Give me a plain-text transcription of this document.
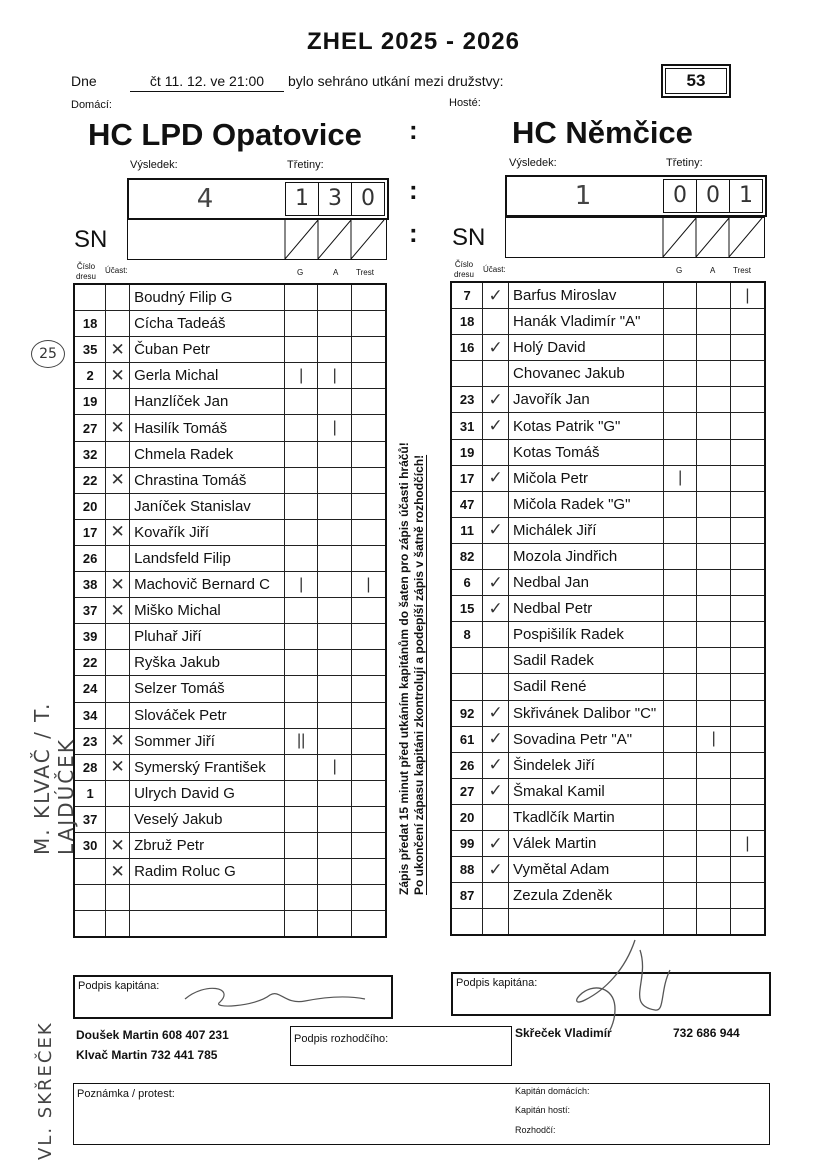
ZHEL 2025 - 2026
Dne	čt 11. 12. ve 21:00	bylo sehráno utkání mezi družstvy:	53
Domácí:	Hosté:
HC LPD Opatovice	HC Němčice
:
:
:
Výsledek:	Třetiny:
4	1 3 0
Výsledek:	Třetiny:
1	0 0 1
SN	SN
Číslo dresu
Účast:	G	A Trest
Číslo dresu
Účast:	G	A Trest
		Boudný Filip G			
18		Cícha Tadeáš			
35	✕	Čuban Petr			
2	✕	Gerla Michal	|	|	
19		Hanzlíček Jan			
27	✕	Hasilík Tomáš		|	
32		Chmela Radek			
22	✕	Chrastina Tomáš			
20		Janíček Stanislav			
17	✕	Kovařík Jiří			
26		Landsfeld Filip			
38	✕	Machovič Bernard C	|		|
37	✕	Miško Michal			
39		Pluhař Jiří			
22		Ryška Jakub			
24		Selzer Tomáš			
34		Slováček Petr			
23	✕	Sommer Jiří	||		
28	✕	Symerský František		|	
1		Ulrych David G			
37		Veselý Jakub			
30	✕	Zbruž Petr			
	✕	Radim Roluc G			

7	✓	Barfus Miroslav			|
18		Hanák Vladimír "A"			
16	✓	Holý David			
		Chovanec Jakub			
23	✓	Javořík Jan			
31	✓	Kotas Patrik "G"			
19		Kotas Tomáš			
17	✓	Mičola Petr	|		
47		Mičola Radek "G"			
11	✓	Michálek Jiří			
82		Mozola Jindřich			
6	✓	Nedbal Jan			
15	✓	Nedbal Petr			
8		Pospišilík Radek			
		Sadil Radek			
		Sadil René			
92	✓	Skřivánek Dalibor "C"			
61	✓	Sovadina Petr "A"		|	
26	✓	Šindelek Jiří			
27	✓	Šmakal Kamil			
20		Tkadlčík Martin			
99	✓	Válek Martin			|
88	✓	Vymětal Adam			
87		Zezula Zdeněk			

25
Zápis předat 15 minut před utkáním kapitánům do šaten pro zápis účasti hráčů!
Po ukončení zápasu kapitáni zkontrolují a podepíší zápis v šatně rozhodčích!
M. KLVAČ / T. LAJDÚČEK
Podpis kapitána:	Podpis kapitána:
Doušek Martin 608 407 231
Klvač Martin 732 441 785
Podpis rozhodčího:	Skřeček Vladimír	732 686 944
Poznámka / protest:	Kapitán domácích:
Kapitán hostí:
Rozhodčí:
VL. SKŘEČEK
